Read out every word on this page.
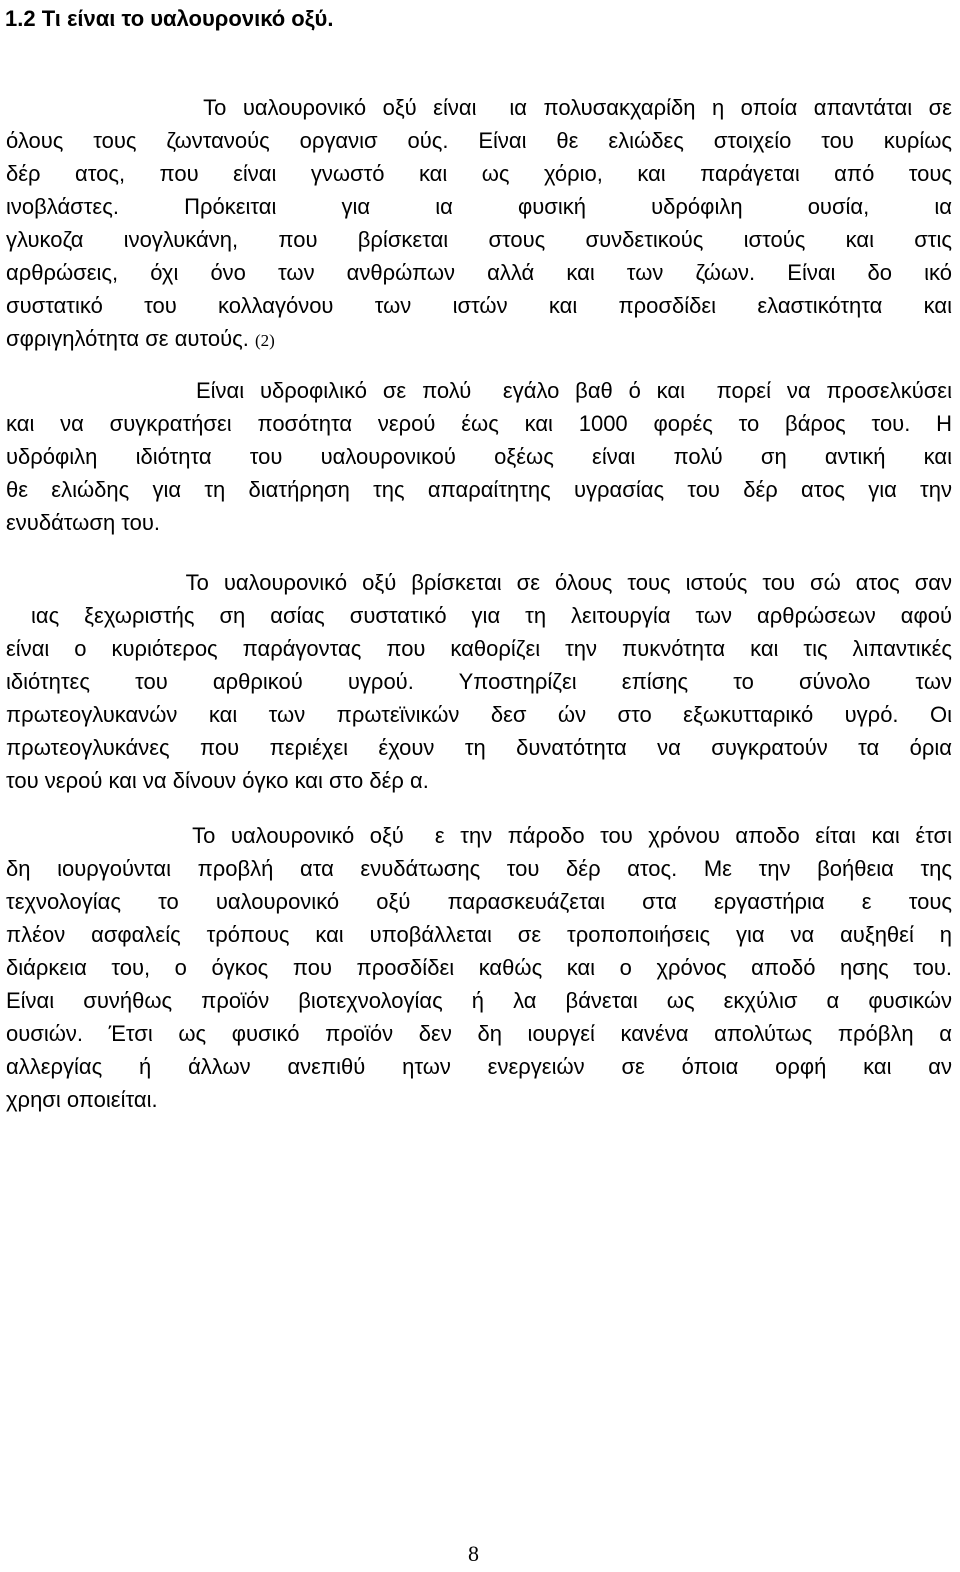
1.2 Τι είναι το υαλουρονικό οξύ.
Το υαλουρονικό οξύ είναι  ια πολυσακχαρίδη η οποία απαντάται σε
όλους τους ζωντανούς οργανισ ούς. Είναι θε ελιώδες στοιχείο του κυρίως
δέρ ατος, που είναι γνωστό και ως χόριο, και παράγεται από τους
ινοβλάστες. Πρόκειται για ια φυσική υδρόφιλη ουσία, ια
γλυκοζα ινογλυκάνη, που βρίσκεται στους συνδετικούς ιστούς και στις
αρθρώσεις, όχι όνο των ανθρώπων αλλά και των ζώων. Είναι δο ικό
συστατικό του κολλαγόνου των ιστών και προσδίδει ελαστικότητα και
σφριγηλότητα σε αυτούς. (2)
Είναι υδροφιλικό σε πολύ  εγάλο βαθ ό και  πορεί να προσελκύσει
και να συγκρατήσει ποσότητα νερού έως και 1000 φορές το βάρος του. Η
υδρόφιλη ιδιότητα του υαλουρονικού οξέως είναι πολύ ση αντική και
θε ελιώδης για τη διατήρηση της απαραίτητης υγρασίας του δέρ ατος για την
ενυδάτωση του.
Το υαλουρονικό οξύ βρίσκεται σε όλους τους ιστούς του σώ ατος σαν
ιας ξεχωριστής ση ασίας συστατικό για τη λειτουργία των αρθρώσεων αφού
είναι ο κυριότερος παράγοντας που καθορίζει την πυκνότητα και τις λιπαντικές
ιδιότητες του αρθρικού υγρού. Υποστηρίζει επίσης το σύνολο των
πρωτεογλυκανών και των πρωτεϊνικών δεσ ών στο εξωκυτταρικό υγρό. Οι
πρωτεογλυκάνες που περιέχει έχουν τη δυνατότητα να συγκρατούν τα όρια
του νερού και να δίνουν όγκο και στο δέρ α.
Το υαλουρονικό οξύ  ε την πάροδο του χρόνου αποδο είται και έτσι
δη ιουργούνται προβλή ατα ενυδάτωσης του δέρ ατος. Με την βοήθεια της
τεχνολογίας το υαλουρονικό οξύ παρασκευάζεται στα εργαστήρια ε τους
πλέον ασφαλείς τρόπους και υποβάλλεται σε τροποποιήσεις για να αυξηθεί η
διάρκεια του, ο όγκος που προσδίδει καθώς και ο χρόνος αποδό ησης του.
Είναι συνήθως προϊόν βιοτεχνολογίας ή λα βάνεται ως εκχύλισ α φυσικών
ουσιών. Έτσι ως φυσικό προϊόν δεν δη ιουργεί κανένα απολύτως πρόβλη α
αλλεργίας ή άλλων ανεπιθύ ητων ενεργειών σε όποια ορφή και αν
χρησι οποιείται.
8
